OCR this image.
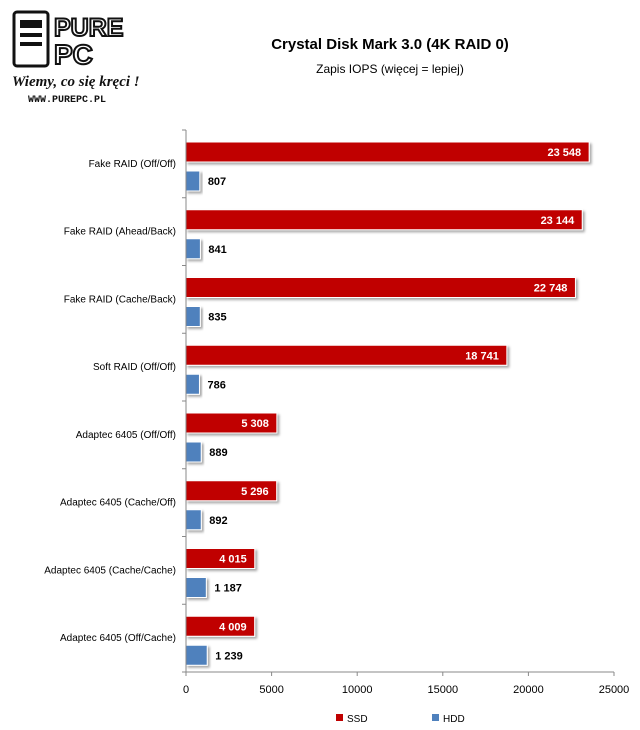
PURE
PC
Wiemy, co się kręci !
WWW.PUREPC.PL
Crystal Disk Mark 3.0 (4K RAID 0)
Zapis IOPS (więcej = lepiej)
23 548
807
23 144
841
22 748
835
18 741
786
5 308
889
5 296
892
4 015
1 187
4 009
1 239
Fake RAID (Off/Off)
Fake RAID (Ahead/Back)
Fake RAID (Cache/Back)
Soft RAID (Off/Off)
Adaptec 6405 (Off/Off)
Adaptec 6405 (Cache/Off)
Adaptec 6405 (Cache/Cache)
Adaptec 6405 (Off/Cache)
0	5000	10000	15000	20000	25000
SSD	HDD
